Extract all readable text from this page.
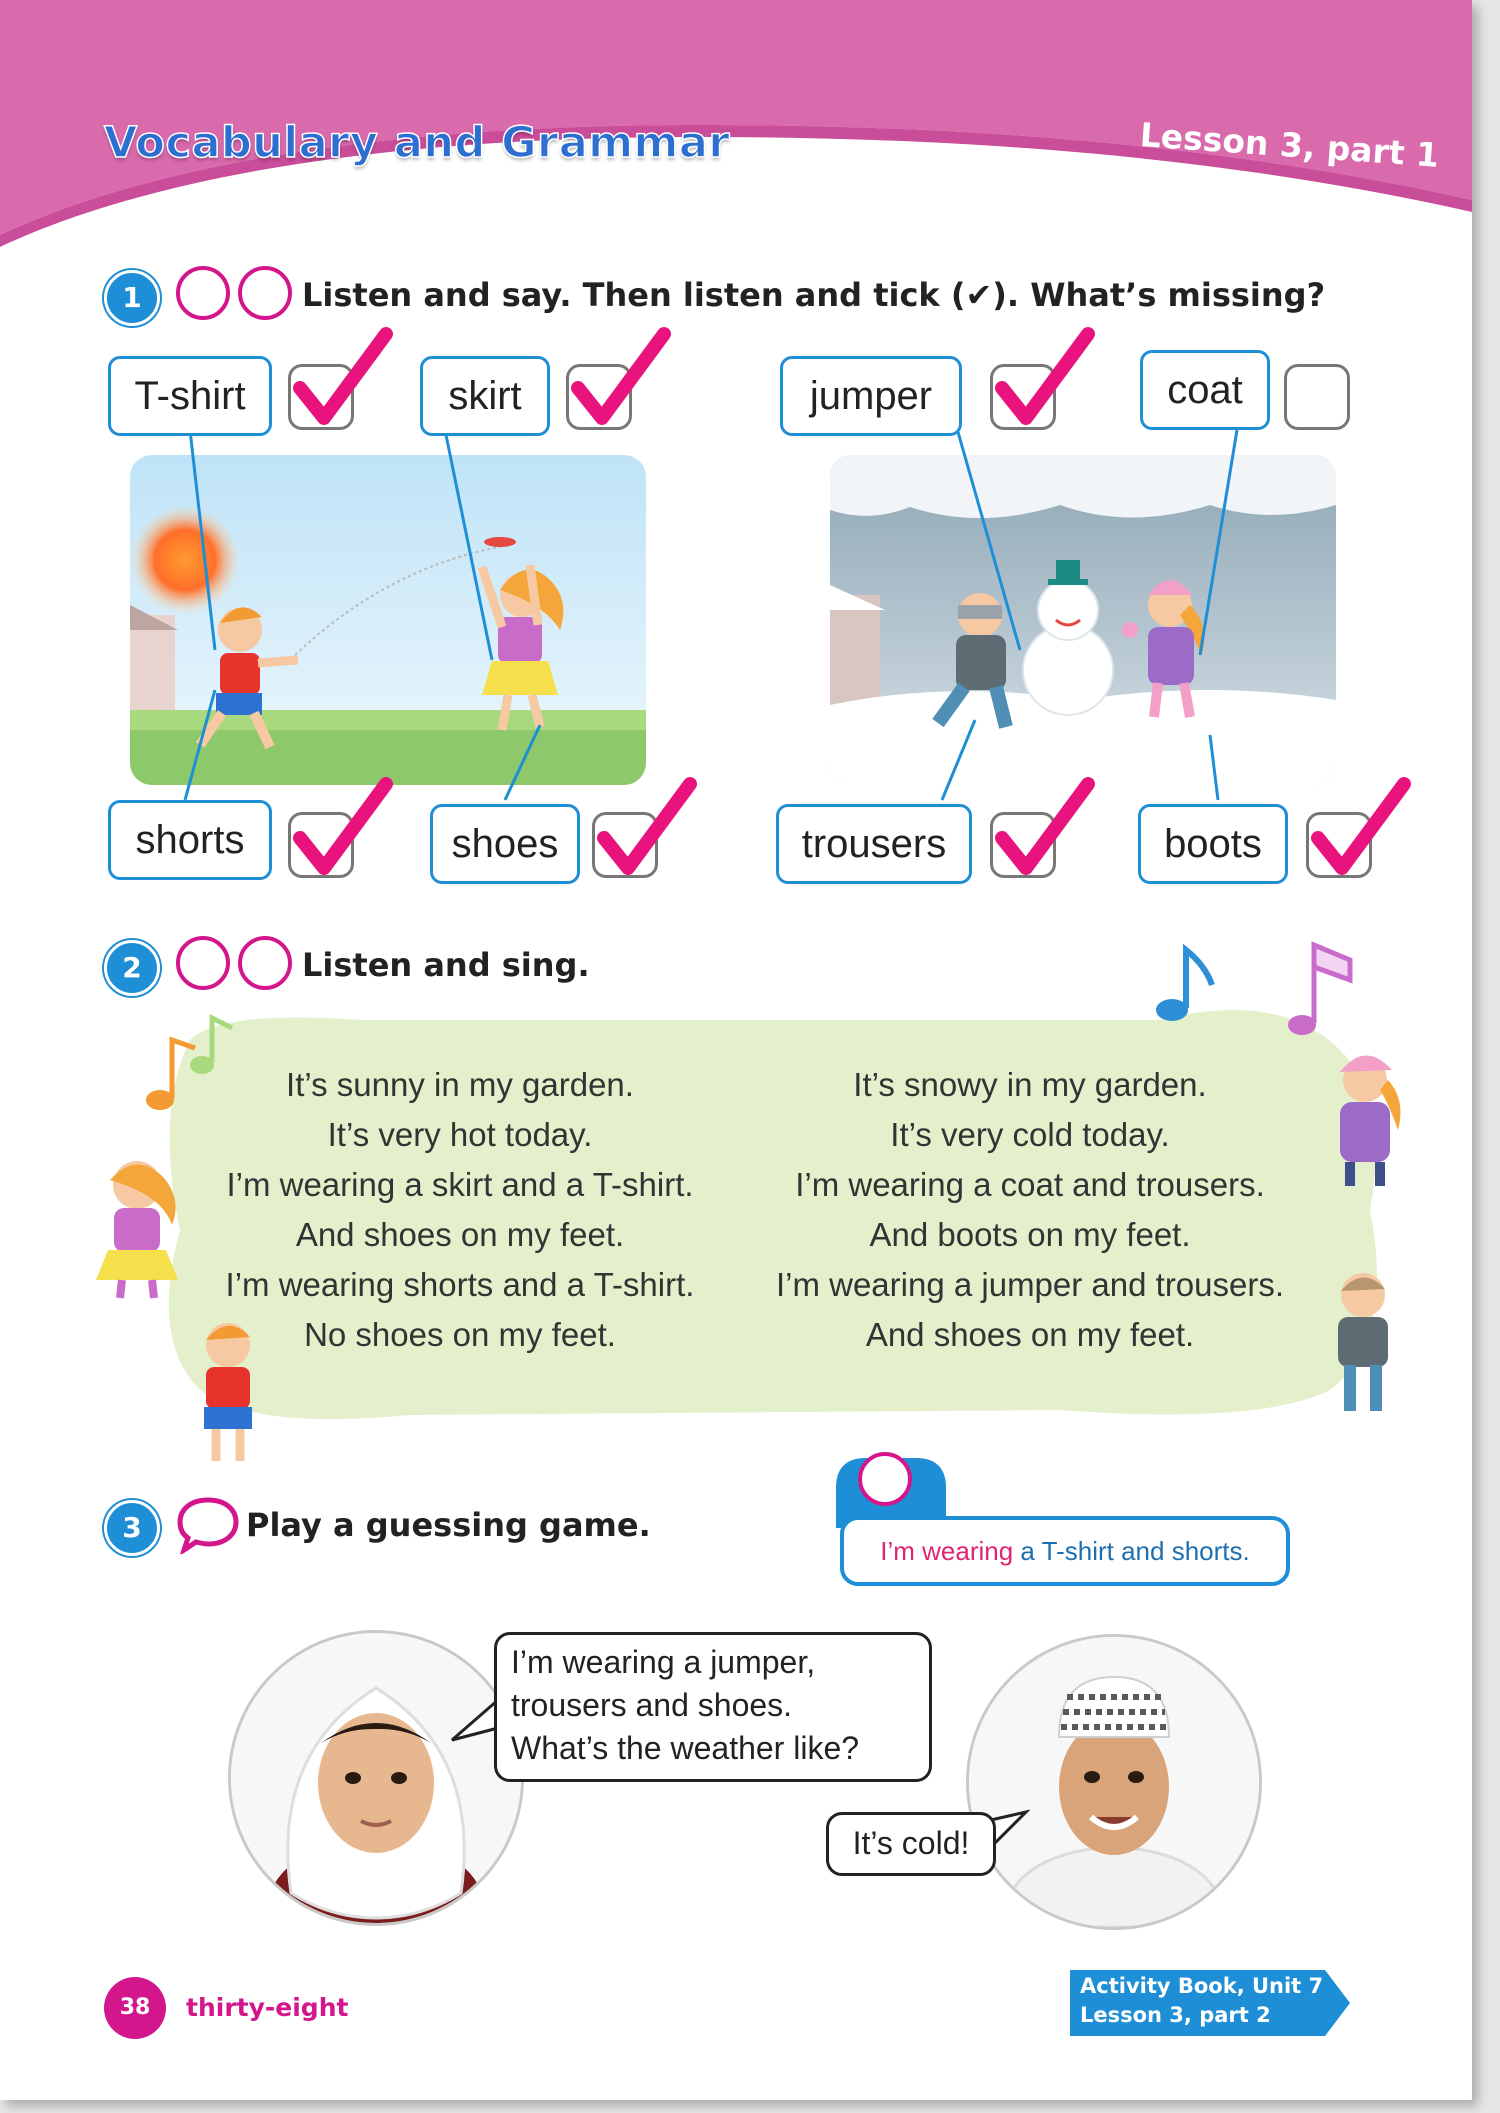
Vocabulary and Grammar	Lesson 3, part 1
1	Listen and say. Then listen and tick (✔). What’s missing?
T-shirt	skirt	jumper	coat
shorts	shoes	trousers	boots
2	Listen and sing.
It’s sunny in my garden.
It’s very hot today.
I’m wearing a skirt and a T-shirt.
And shoes on my feet.
I’m wearing shorts and a T-shirt.
No shoes on my feet.
It’s snowy in my garden.
It’s very cold today.
I’m wearing a coat and trousers.
And boots on my feet.
I’m wearing a jumper and trousers.
And shoes on my feet.
3	Play a guessing game.
I’m wearing a T-shirt and shorts.
I’m wearing a jumper,
trousers and shoes.
What’s the weather like?
It’s cold!
38	thirty-eight
Activity Book, Unit 7
Lesson 3, part 2
